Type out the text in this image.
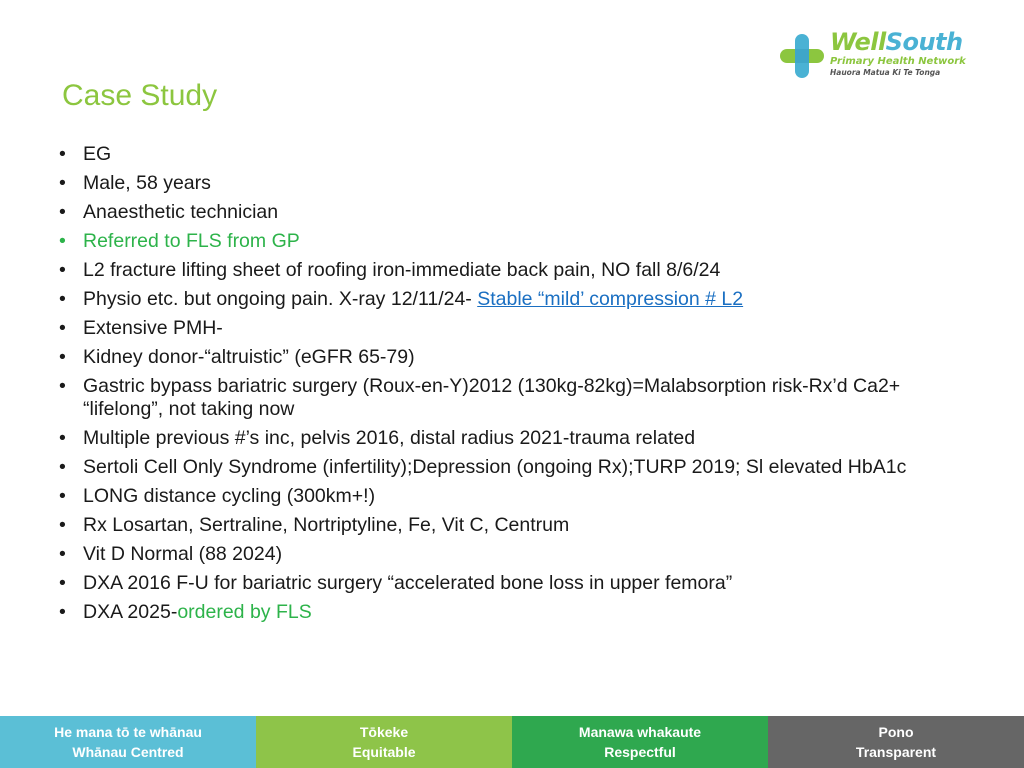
WellSouth
Primary Health Network
Hauora Matua Ki Te Tonga
Case Study
• EG
• Male, 58 years
• Anaesthetic technician
• Referred to FLS from GP
• L2 fracture lifting sheet of roofing iron-immediate back pain, NO fall 8/6/24
• Physio etc. but ongoing pain. X-ray 12/11/24- Stable “mild’ compression # L2
• Extensive PMH-
• Kidney donor-“altruistic” (eGFR 65-79)
• Gastric bypass bariatric surgery (Roux-en-Y)2012 (130kg-82kg)=Malabsorption risk-Rx’d Ca2+ “lifelong”, not taking now
• Multiple previous #’s inc, pelvis 2016, distal radius 2021-trauma related
• Sertoli Cell Only Syndrome (infertility);Depression (ongoing Rx);TURP 2019; Sl elevated HbA1c
• LONG distance cycling (300km+!)
• Rx Losartan, Sertraline, Nortriptyline, Fe, Vit C, Centrum
• Vit D Normal (88 2024)
• DXA 2016 F-U for bariatric surgery “accelerated bone loss in upper femora”
• DXA 2025-ordered by FLS
He mana tō te whānau
Whānau Centred
Tōkeke
Equitable
Manawa whakaute
Respectful
Pono
Transparent
